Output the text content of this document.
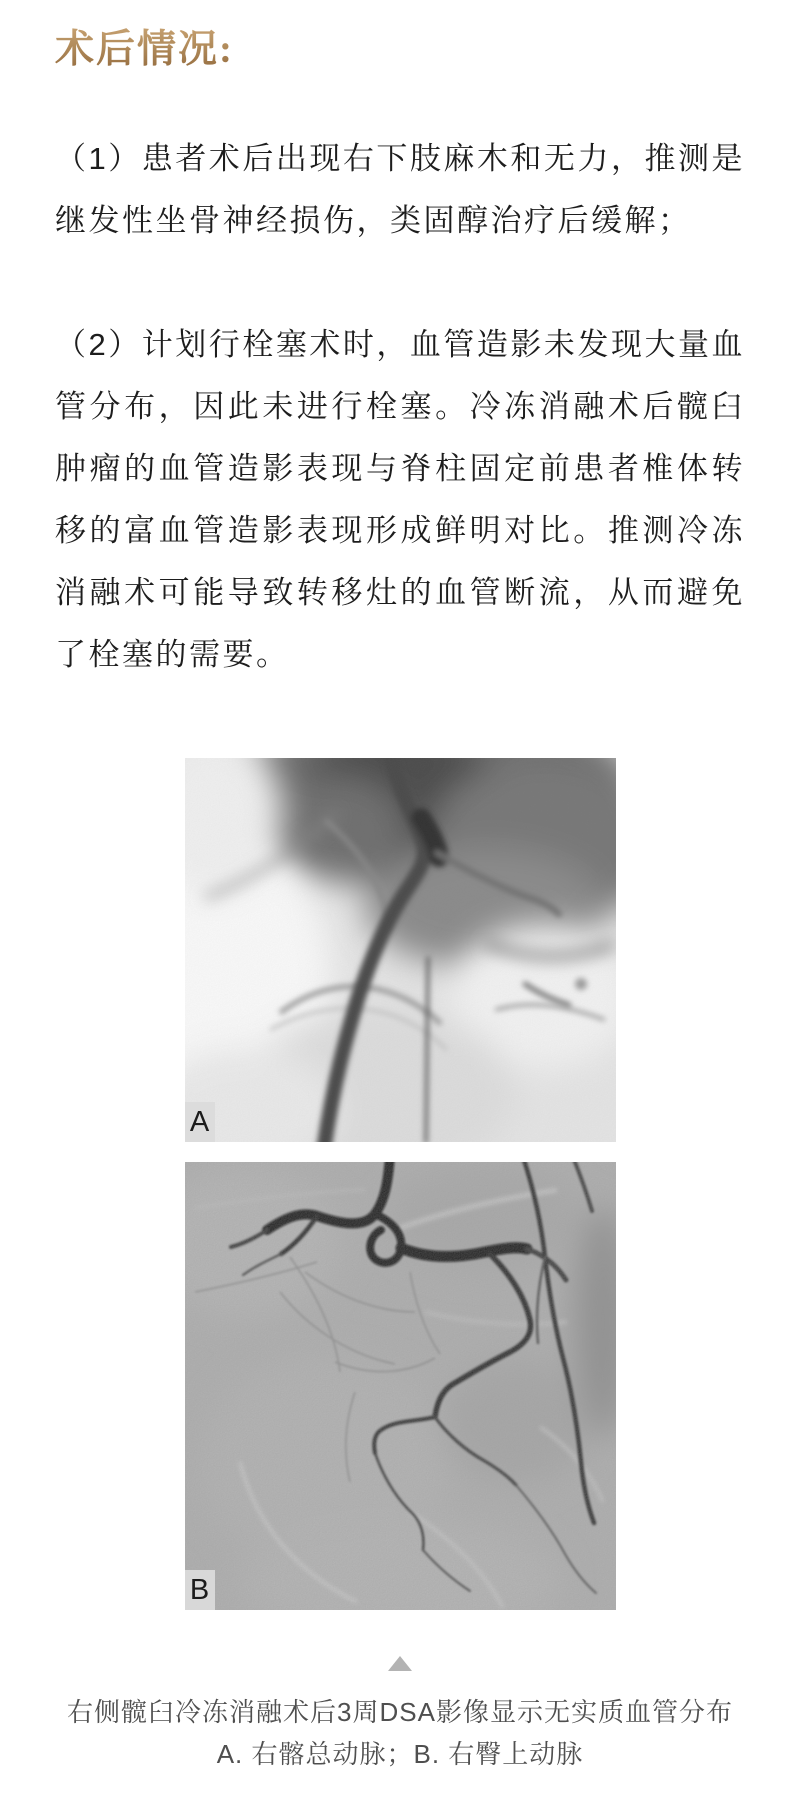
术后情况:

（1）患者术后出现右下肢麻木和无力，推测是继发性坐骨神经损伤，类固醇治疗后缓解；

（2）计划行栓塞术时，血管造影未发现大量血管分布，因此未进行栓塞。冷冻消融术后髋臼肿瘤的血管造影表现与脊柱固定前患者椎体转移的富血管造影表现形成鲜明对比。推测冷冻消融术可能导致转移灶的血管断流，从而避免了栓塞的需要。

A
B
右侧髋臼冷冻消融术后3周DSA影像显示无实质血管分布
A. 右髂总动脉；B. 右臀上动脉
